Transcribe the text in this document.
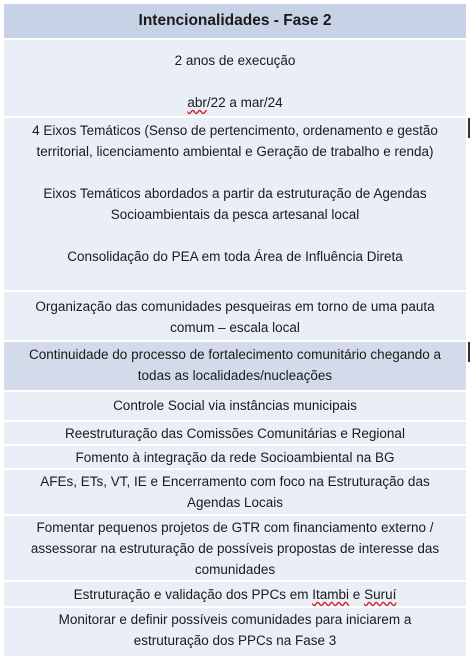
Intencionalidades - Fase 2

2 anos de execução

abr/22 a mar/24

4 Eixos Temáticos (Senso de pertencimento, ordenamento e gestão territorial, licenciamento ambiental e Geração de trabalho e renda)

Eixos Temáticos abordados a partir da estruturação de Agendas Socioambientais da pesca artesanal local

Consolidação do PEA em toda Área de Influência Direta
Organização das comunidades pesqueiras em torno de uma pauta comum – escala local
Continuidade do processo de fortalecimento comunitário chegando a todas as localidades/nucleações
Controle Social via instâncias municipais
Reestruturação das Comissões Comunitárias e Regional
Fomento à integração da rede Socioambiental na BG
AFEs, ETs, VT, IE e Encerramento com foco na Estruturação das Agendas Locais
Fomentar pequenos projetos de GTR com financiamento externo / assessorar na estruturação de possíveis propostas de interesse das comunidades
Estruturação e validação dos PPCs em Itambi e Suruí
Monitorar e definir possíveis comunidades para iniciarem a estruturação dos PPCs na Fase 3
